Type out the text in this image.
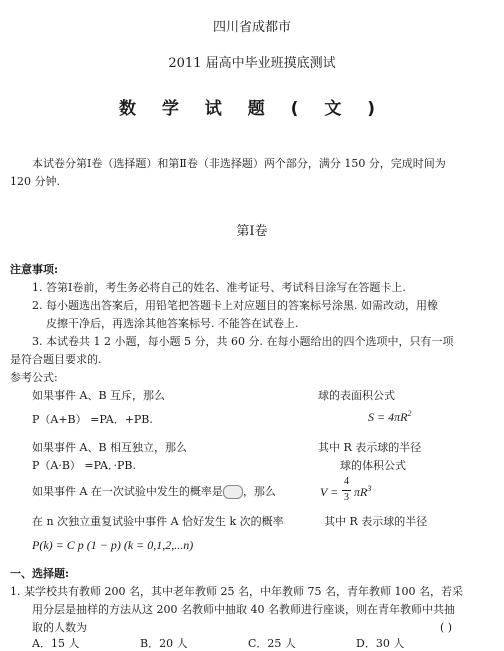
四川省成都市
2011 届高中毕业班摸底测试
数 学 试 题 ( 文 )
本试卷分第Ⅰ卷（选择题）和第Ⅱ卷（非选择题）两个部分，满分 150 分，完成时间为
120 分钟.
第Ⅰ卷
注意事项:
1. 答第Ⅰ卷前，考生务必将自己的姓名、准考证号、考试科目涂写在答题卡上.
2. 每小题选出答案后，用铅笔把答题卡上对应题目的答案标号涂黑. 如需改动，用橡
皮擦干净后，再选涂其他答案标号. 不能答在试卷上.
3. 本试卷共 1 2 小题，每小题 5 分，共 60 分. 在每小题给出的四个选项中，只有一项
是符合题目要求的.
参考公式:
如果事件 A、B 互斥，那么	球的表面积公式
P（A+B） =PA．+PB.	$S = 4\pi R^2$
如果事件 A、B 相互独立，那么	其中 R 表示球的半径
P（A·B） =PA．·PB.	球的体积公式
如果事件 A 在一次试验中发生的概率是 ，那么	V =
4
3 $\pi R^3$
在 n 次独立重复试验中事件 A 恰好发生 k 次的概率	其中 R 表示球的半径
P(k) = C p (1 − p) (k = 0,1,2,...n)
一、选择题:
1. 某学校共有教师 200 名，其中老年教师 25 名，中年教师 75 名，青年教师 100 名，若采
用分层是抽样的方法从这 200 名教师中抽取 40 名教师进行座谈，则在青年教师中共抽
取的人数为	( )
A．15 人	B．20 人	C．25 人	D．30 人
